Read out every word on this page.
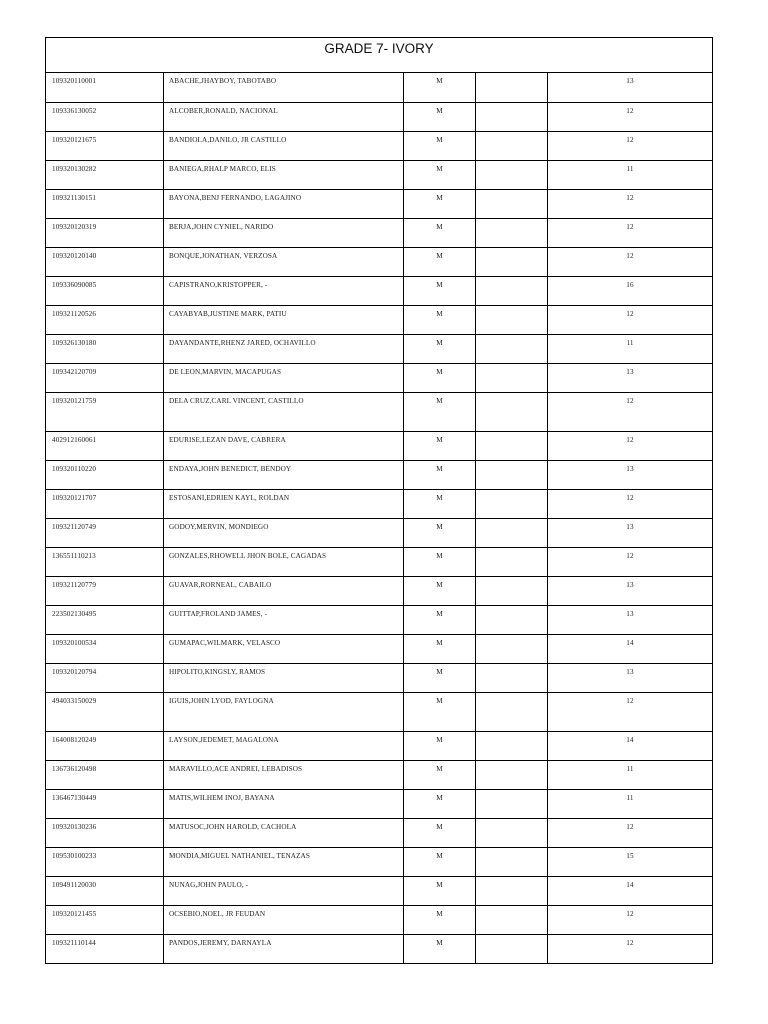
GRADE 7- IVORY
109320110001	ABACHE,JHAYBOY, TABOTABO	M		13
109336130052	ALCOBER,RONALD, NACIONAL	M		12
109320121675	BANDIOLA,DANILO, JR CASTILLO	M		12
109320130282	BANIEGA,RHALP MARCO, ELIS	M		11
109321130151	BAYONA,BENJ FERNANDO, LAGAJINO	M		12
109320120319	BERJA,JOHN CYNIEL, NARIDO	M		12
109320120140	BONQUE,JONATHAN, VERZOSA	M		12
109336090085	CAPISTRANO,KRISTOPPER, -	M		16
109321120526	CAYABYAB,JUSTINE MARK, PATIU	M		12
109326130180	DAYANDANTE,RHENZ JARED, OCHAVILLO	M		11
109342120709	DE LEON,MARVIN, MACAPUGAS	M		13
109320121759	DELA CRUZ,CARL VINCENT, CASTILLO	M		12
402912160061	EDURISE,LEZAN DAVE, CABRERA	M		12
109320110220	ENDAYA,JOHN BENEDICT, BENDOY	M		13
109320121707	ESTOSANI,EDRIEN KAYL, ROLDAN	M		12
109321120749	GODOY,MERVIN, MONDIEGO	M		13
136551110213	GONZALES,RHOWELL JHON BOLE, CAGADAS	M		12
109321120779	GUAVAR,RORNEAL, CABAILO	M		13
223502130495	GUITTAP,FROLAND JAMES, -	M		13
109320100534	GUMAPAC,WILMARK, VELASCO	M		14
109320120794	HIPOLITO,KINGSLY, RAMOS	M		13
494033150029	IGUIS,JOHN LYOD, FAYLOGNA	M		12
164008120249	LAYSON,JEDEMET, MAGALONA	M		14
136736120498	MARAVILLO,ACE ANDREI, LEBADISOS	M		11
136467130449	MATIS,WILHEM INOJ, BAYANA	M		11
109320130236	MATUSOC,JOHN HAROLD, CACHOLA	M		12
109530100233	MONDIA,MIGUEL NATHANIEL, TENAZAS	M		15
109491120030	NUNAG,JOHN PAULO, -	M		14
109320121455	OCSEBIO,NOEL, JR FEUDAN	M		12
109321110144	PANDOS,JEREMY, DARNAYLA	M		12
